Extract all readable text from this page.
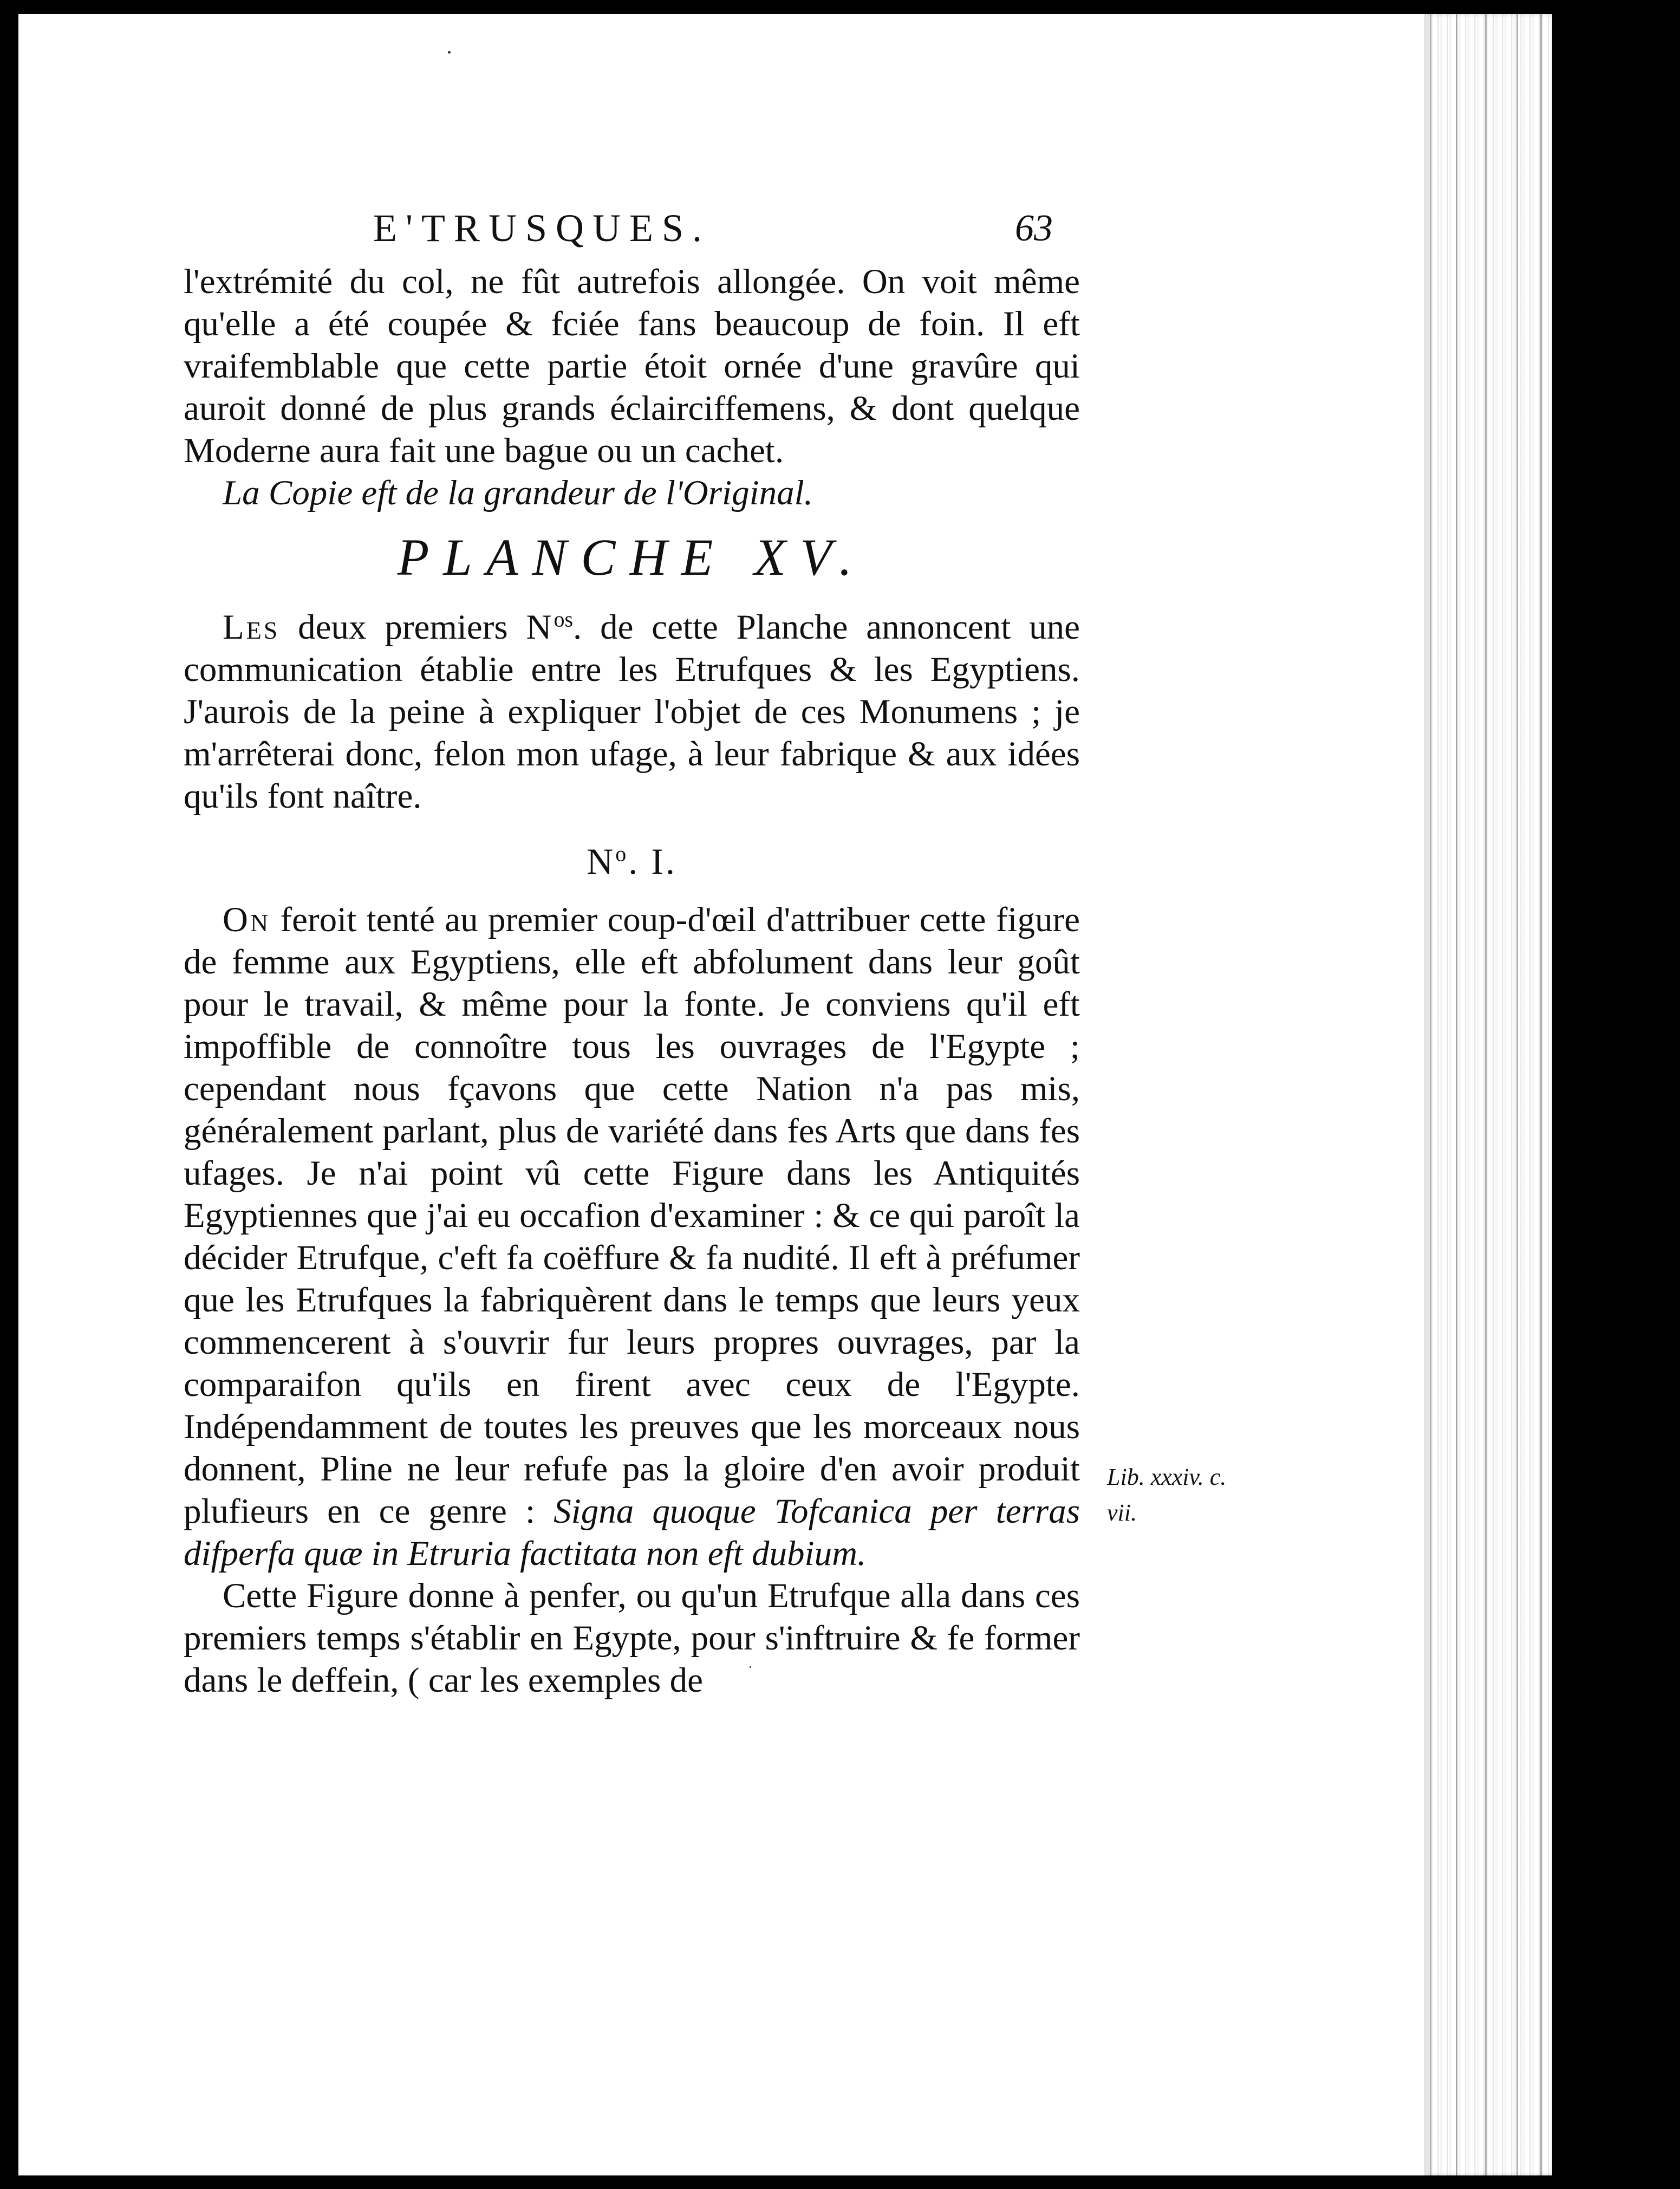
E'TRUSQUES.	63

l'extrémité du col, ne fût autrefois allongée. On voit même qu'elle a été coupée & fciée fans beaucoup de foin. Il eft vraifemblable que cette partie étoit ornée d'une gravûre qui auroit donné de plus grands éclairciffemens, & dont quelque Moderne aura fait une bague ou un cachet.

La Copie eft de la grandeur de l'Original.

PLANCHE XV.

Les deux premiers $N^{os}$. de cette Planche annoncent une communication établie entre les Etrufques & les Egyptiens. J'aurois de la peine à expliquer l'objet de ces Monumens ; je m'arrêterai donc, felon mon ufage, à leur fabrique & aux idées qu'ils font naître.

$N^o$. I.

On feroit tenté au premier coup-d'œil d'attribuer cette figure de femme aux Egyptiens, elle eft abfolument dans leur goût pour le travail, & même pour la fonte. Je conviens qu'il eft impoffible de connoître tous les ouvrages de l'Egypte ; cependant nous fçavons que cette Nation n'a pas mis, généralement parlant, plus de variété dans fes Arts que dans fes ufages. Je n'ai point vû cette Figure dans les Antiquités Egyptiennes que j'ai eu occafion d'examiner : & ce qui paroît la décider Etrufque, c'eft fa coëffure & fa nudité. Il eft à préfumer que les Etrufques la fabriquèrent dans le temps que leurs yeux commencerent à s'ouvrir fur leurs propres ouvrages, par la comparaifon qu'ils en firent avec ceux de l'Egypte. Indépendamment de toutes les preuves que les morceaux nous donnent, Pline ne leur refufe pas la gloire d'en avoir produit plufieurs en ce genre : Signa quoque Tofcanica per terras difperfa quæ in Etruria factitata non eft dubium.

Cette Figure donne à penfer, ou qu'un Etrufque alla dans ces premiers temps s'établir en Egypte, pour s'inftruire & fe former dans le deffein, ( car les exemples de

Lib. xxxiv. c.
vii.
